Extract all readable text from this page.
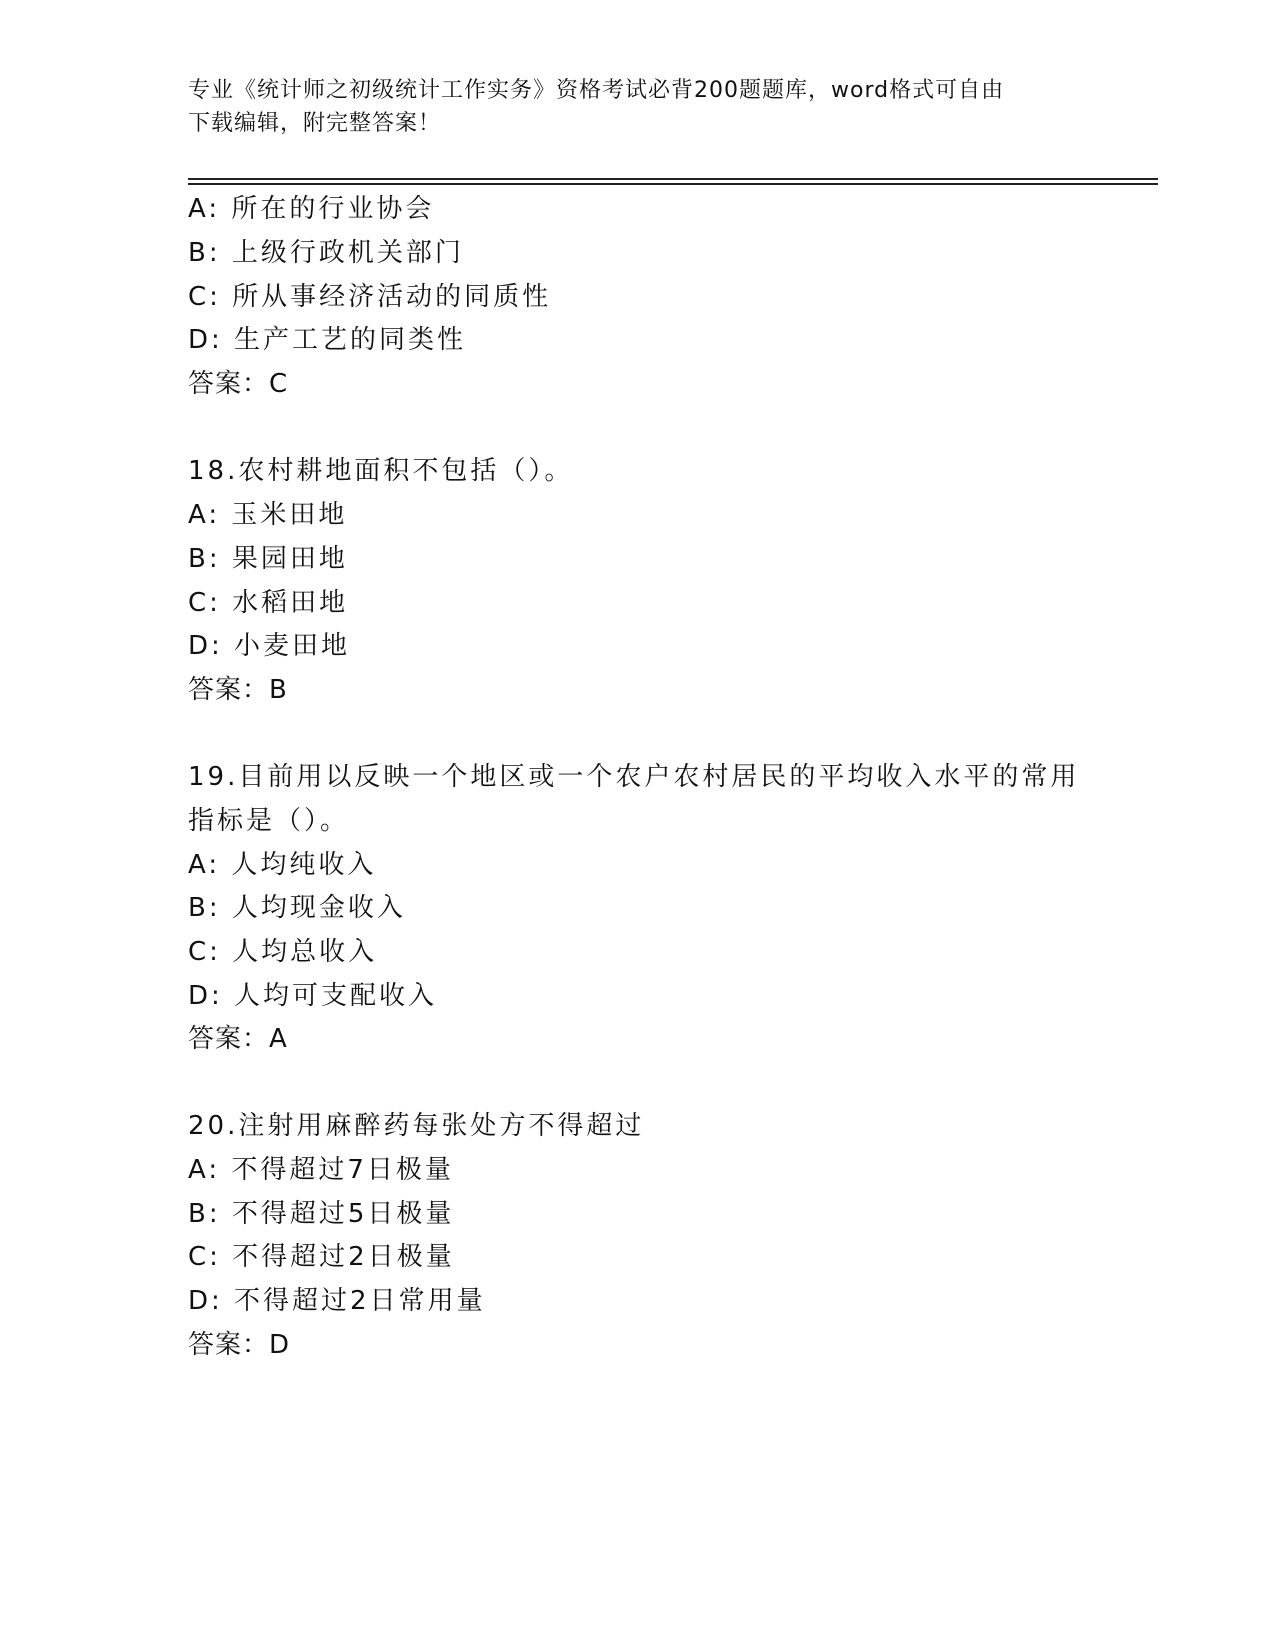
专业《统计师之初级统计工作实务》资格考试必背200题题库，word格式可自由
下载编辑，附完整答案！
A: 所在的行业协会
B: 上级行政机关部门
C: 所从事经济活动的同质性
D: 生产工艺的同类性
答案：C
18.农村耕地面积不包括（）。
A: 玉米田地
B: 果园田地
C: 水稻田地
D: 小麦田地
答案：B
19.目前用以反映一个地区或一个农户农村居民的平均收入水平的常用
指标是（）。
A: 人均纯收入
B: 人均现金收入
C: 人均总收入
D: 人均可支配收入
答案：A
20.注射用麻醉药每张处方不得超过
A: 不得超过7日极量
B: 不得超过5日极量
C: 不得超过2日极量
D: 不得超过2日常用量
答案：D
